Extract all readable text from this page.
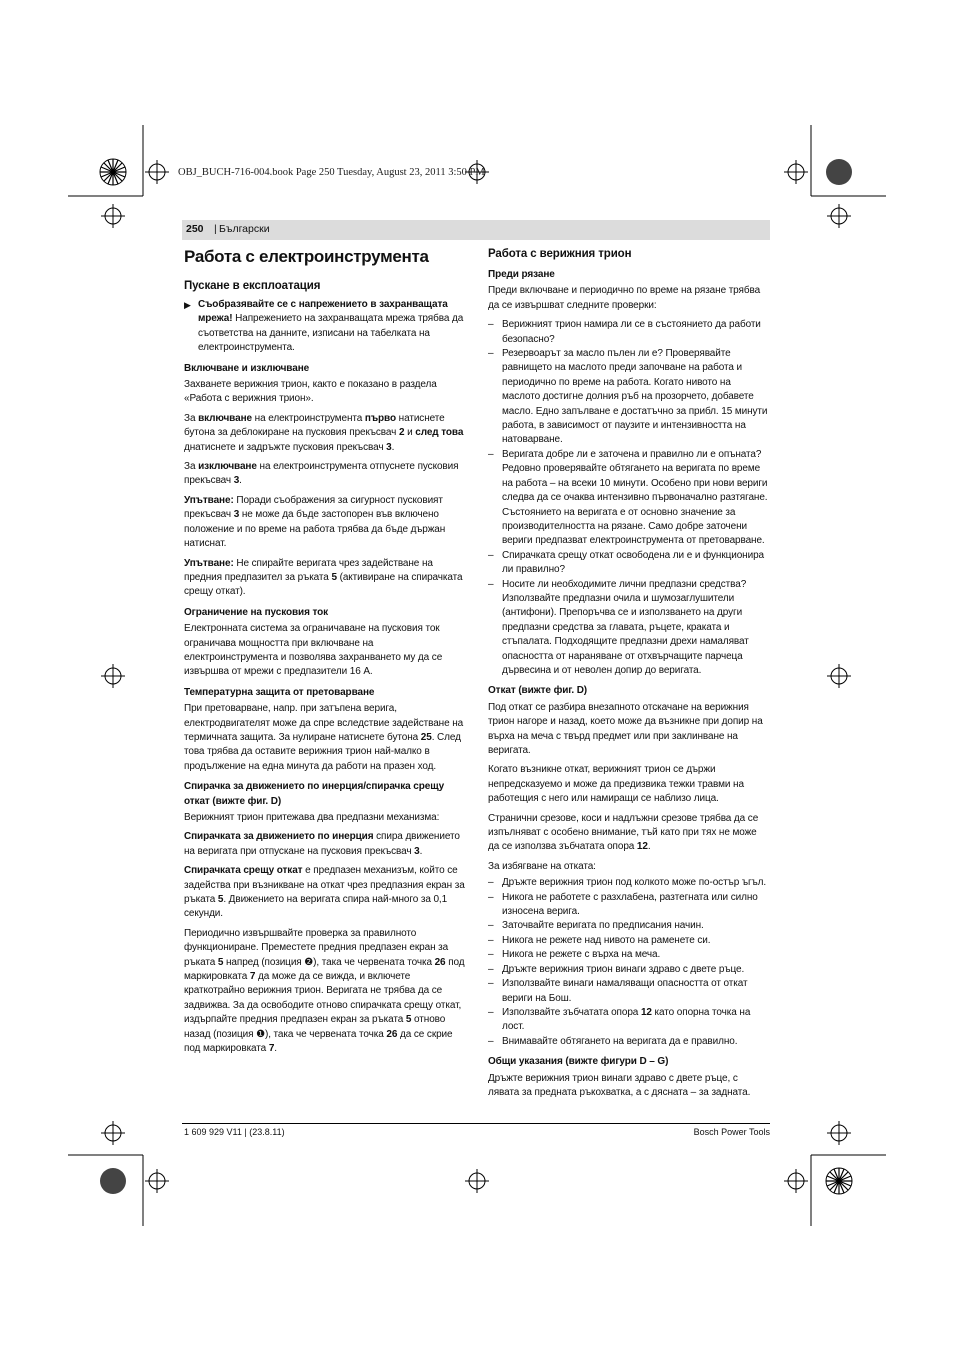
OBJ_BUCH-716-004.book Page 250 Tuesday, August 23, 2011 3:50 PM
250 | Български
Работа с електроинструмента
Пускане в експлоатация
▶ Съобразявайте се с напрежението в захранващата мрежа! Напрежението на захранващата мрежа трябва да съответства на данните, изписани на табелката на електроинструмента.
Включване и изключване

Захванете верижния трион, както е показано в раздела «Работа с верижния трион».

За включване на електроинструмента първо натиснете бутона за деблокиране на пусковия прекъсвач 2 и след това днатиснете и задръжте пусковия прекъсвач 3.

За изключване на електроинструмента отпуснете пусковия прекъсвач 3.

Упътване: Поради съображения за сигурност пусковият прекъсвач 3 не може да бъде застопорен във включено положение и по време на работа трябва да бъде държан натиснат.

Упътване: Не спирайте веригата чрез задействане на предния предпазител за ръката 5 (активиране на спирачката срещу откат).

Ограничение на пусковия ток

Електронната система за ограничаване на пусковия ток ограничава мощността при включване на електроинструмента и позволява захранването му да се извършва от мрежи с предпазители 16 А.

Температурна защита от претоварване

При претоварване, напр. при затъпена верига, електродвигателят може да спре вследствие задействане на термичната защита. За нулиране натиснете бутона 25. След това трябва да оставите верижния трион най-малко в продължение на една минута да работи на празен ход.

Спирачка за движението по инерция/спирачка срещу откат (вижте фиг. D)

Верижният трион притежава два предпазни механизма:

Спирачката за движението по инерция спира движението на веригата при отпускане на пусковия прекъсвач 3.

Спирачката срещу откат е предпазен механизъм, който се задейства при възникване на откат чрез предпазния екран за ръката 5. Движението на веригата спира най-много за 0,1 секунди.

Периодично извършвайте проверка за правилното функциониране. Преместете предния предпазен екран за ръката 5 напред (позиция ❷), така че червената точка 26 под маркировката 7 да може да се вижда, и включете краткотрайно верижния трион. Веригата не трябва да се задвижва. За да освободите отново спирачката срещу откат, издърпайте предния предпазен екран за ръката 5 отново назад (позиция ❶), така че червената точка 26 да се скрие под маркировката 7.

Работа с верижния трион
Преди рязане

Преди включване и периодично по време на рязане трябва да се извършват следните проверки:

– Верижният трион намира ли се в състоянието да работи безопасно?
– Резервоарът за масло пълен ли е? Проверявайте равнището на маслото преди започване на работа и периодично по време на работа. Когато нивото на маслото достигне долния ръб на прозорчето, добавете масло. Едно запълване е достатъчно за прибл. 15 минути работа, в зависимост от паузите и интензивността на натоварване.
– Веригата добре ли е заточена и правилно ли е опъната? Редовно проверявайте обтягането на веригата по време на работа – на всеки 10 минути. Особено при нови вериги следва да се очаква интензивно първоначално разтягане. Състоянието на веригата е от основно значение за производителността на рязане. Само добре заточени вериги предпазват електроинструмента от претоварване.
– Спирачката срещу откат освободена ли е и функционира ли правилно?
– Носите ли необходимите лични предпазни средства? Използвайте предпазни очила и шумозаглушители (антифони). Препоръчва се и използването на други предпазни средства за главата, ръцете, краката и стъпалата. Подходящите предпазни дрехи намаляват опасността от нараняване от отхвърчащите парчеца дървесина и от неволен допир до веригата.
Откат (вижте фиг. D)

Под откат се разбира внезапното отскачане на верижния трион нагоре и назад, което може да възникне при допир на върха на меча с твърд предмет или при заклинване на веригата.

Когато възникне откат, верижният трион се държи непредсказуемо и може да предизвика тежки травми на работещия с него или намиращи се наблизо лица.

Странични срезове, коси и надлъжни срезове трябва да се изпълняват с особено внимание, тъй като при тях не може да се използва зъбчатата опора 12.

За избягване на отката:

– Дръжте верижния трион под колкото може по-остър ъгъл.
– Никога не работете с разхлабена, разтегната или силно износена верига.
– Заточвайте веригата по предписания начин.
– Никога не режете над нивото на раменете си.
– Никога не режете с върха на меча.
– Дръжте верижния трион винаги здраво с двете ръце.
– Използвайте винаги намаляващи опасността от откат вериги на Бош.
– Използвайте зъбчатата опора 12 като опорна точка на лост.
– Внимавайте обтягането на веригата да е правилно.
Общи указания (вижте фигури D – G)

Дръжте верижния трион винаги здраво с двете ръце, с лявата за предната ръкохватка, а с дясната – за задната.

1 609 929 V11 | (23.8.11)	Bosch Power Tools
